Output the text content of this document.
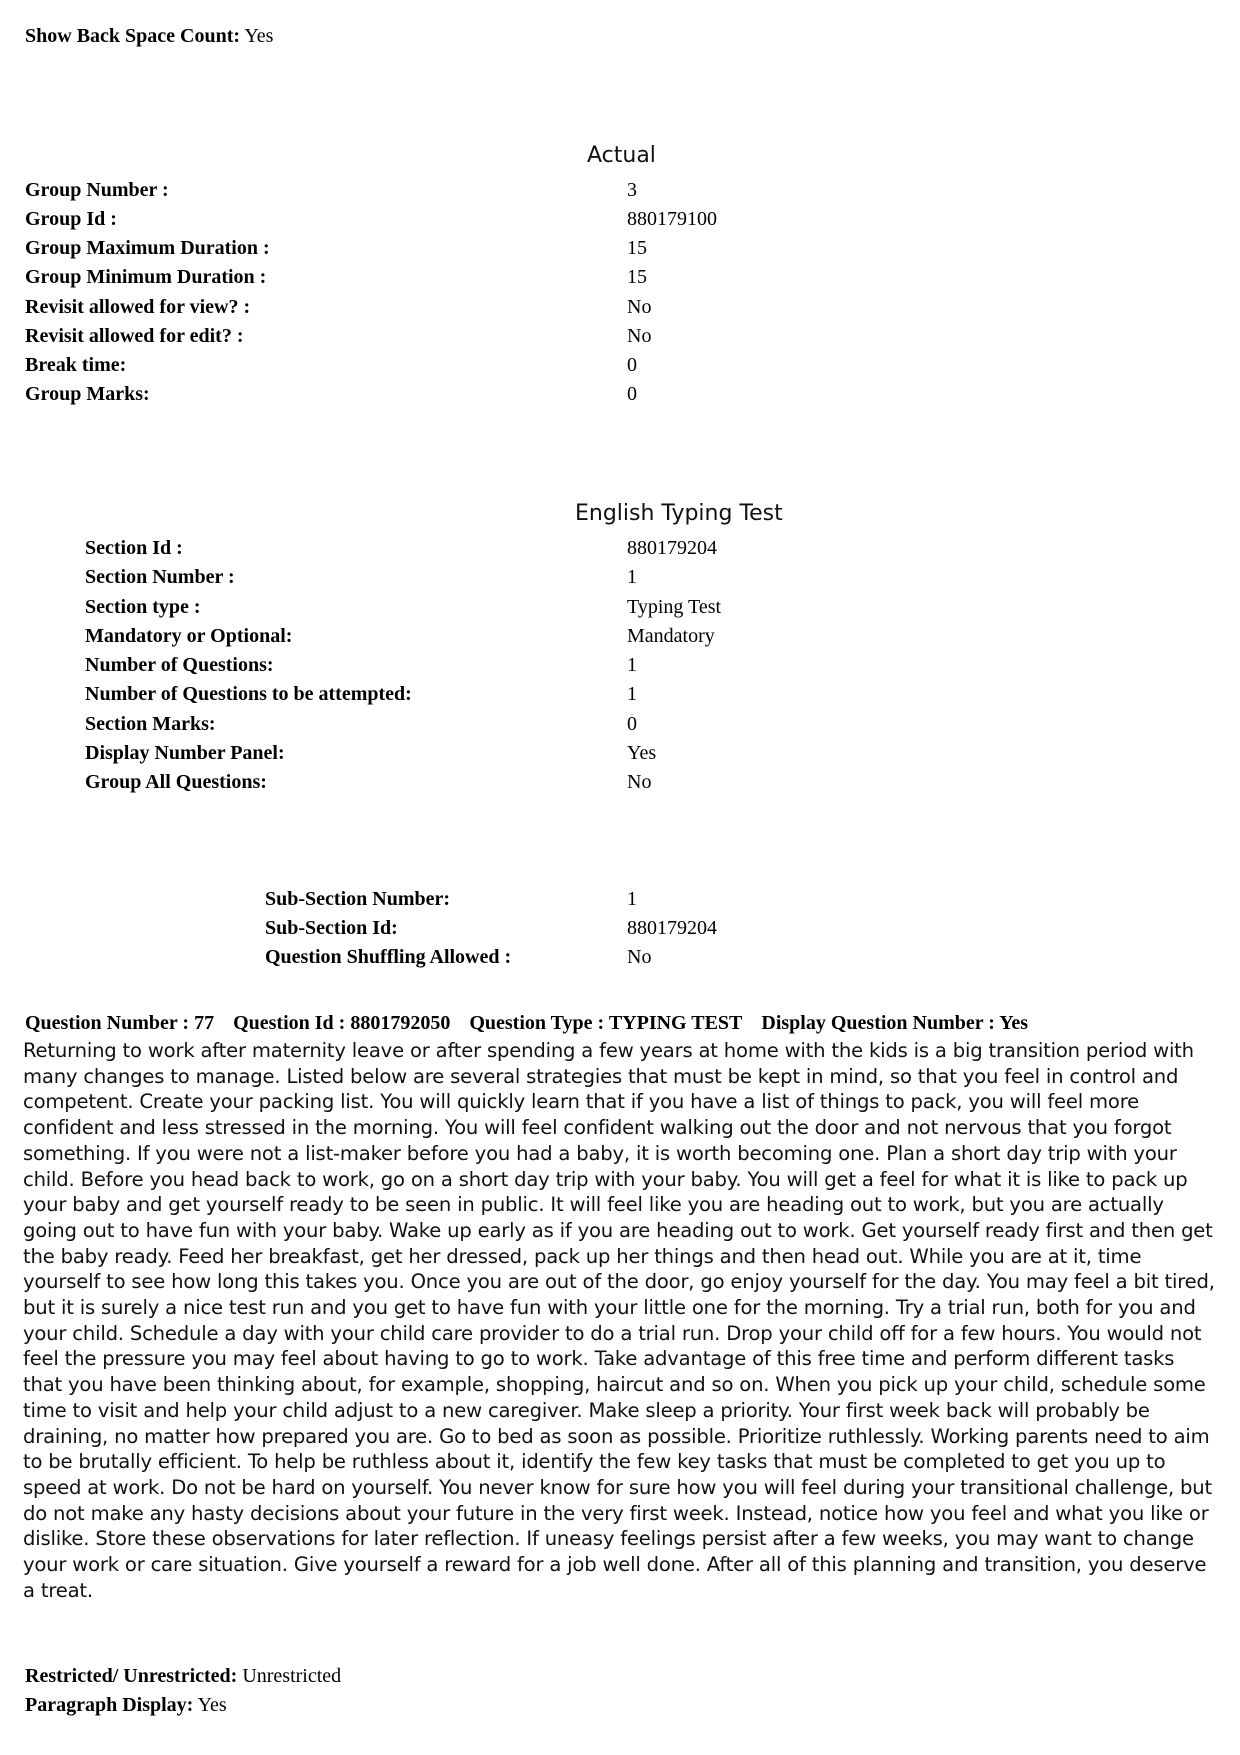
Show Back Space Count: Yes
Actual
Group Number :	3
Group Id :	880179100
Group Maximum Duration :	15
Group Minimum Duration :	15
Revisit allowed for view? :	No
Revisit allowed for edit? :	No
Break time:	0
Group Marks:	0
English Typing Test
Section Id :	880179204
Section Number :	1
Section type :	Typing Test
Mandatory or Optional:	Mandatory
Number of Questions:	1
Number of Questions to be attempted:	1
Section Marks:	0
Display Number Panel:	Yes
Group All Questions:	No
Sub-Section Number:	1
Sub-Section Id:	880179204
Question Shuffling Allowed :	No
Question Number : 77 Question Id : 8801792050 Question Type : TYPING TEST Display Question Number : Yes
Returning to work after maternity leave or after spending a few years at home with the kids is a big transition period with many changes to manage. Listed below are several strategies that must be kept in mind, so that you feel in control and competent. Create your packing list. You will quickly learn that if you have a list of things to pack, you will feel more confident and less stressed in the morning. You will feel confident walking out the door and not nervous that you forgot something. If you were not a list-maker before you had a baby, it is worth becoming one. Plan a short day trip with your child. Before you head back to work, go on a short day trip with your baby. You will get a feel for what it is like to pack up your baby and get yourself ready to be seen in public. It will feel like you are heading out to work, but you are actually going out to have fun with your baby. Wake up early as if you are heading out to work. Get yourself ready first and then get the baby ready. Feed her breakfast, get her dressed, pack up her things and then head out. While you are at it, time yourself to see how long this takes you. Once you are out of the door, go enjoy yourself for the day. You may feel a bit tired, but it is surely a nice test run and you get to have fun with your little one for the morning. Try a trial run, both for you and your child. Schedule a day with your child care provider to do a trial run. Drop your child off for a few hours. You would not feel the pressure you may feel about having to go to work. Take advantage of this free time and perform different tasks that you have been thinking about, for example, shopping, haircut and so on. When you pick up your child, schedule some time to visit and help your child adjust to a new caregiver. Make sleep a priority. Your first week back will probably be draining, no matter how prepared you are. Go to bed as soon as possible. Prioritize ruthlessly. Working parents need to aim to be brutally efficient. To help be ruthless about it, identify the few key tasks that must be completed to get you up to speed at work. Do not be hard on yourself. You never know for sure how you will feel during your transitional challenge, but do not make any hasty decisions about your future in the very first week. Instead, notice how you feel and what you like or dislike. Store these observations for later reflection. If uneasy feelings persist after a few weeks, you may want to change your work or care situation. Give yourself a reward for a job well done. After all of this planning and transition, you deserve a treat.
Restricted/ Unrestricted: Unrestricted
Paragraph Display: Yes
